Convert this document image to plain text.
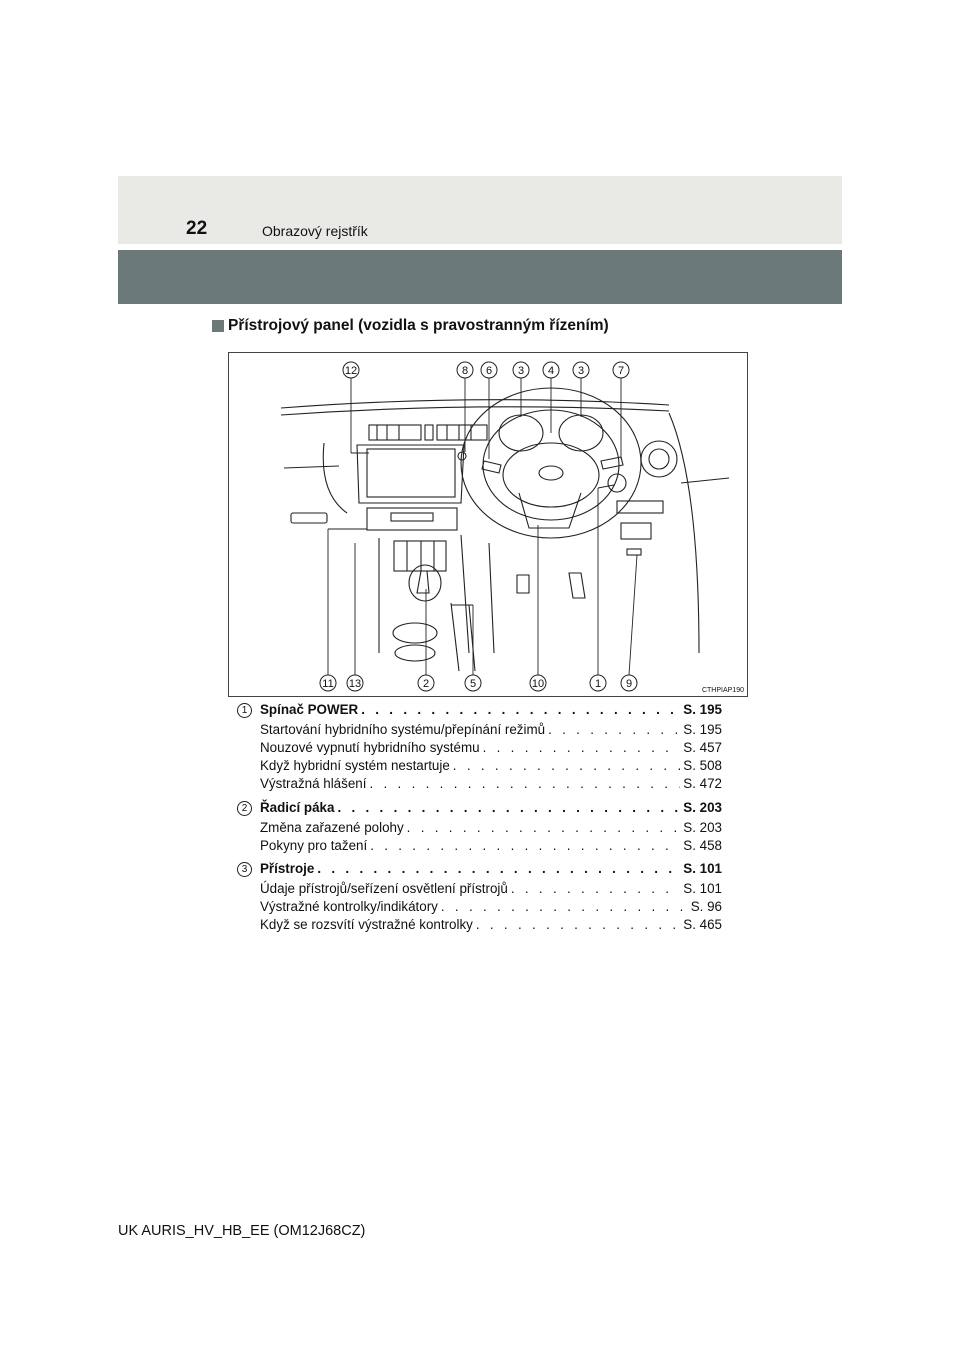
22	Obrazový rejstřík
Přístrojový panel (vozidla s pravostranným řízením)
12	8 6 3 4 3	7
11 13	2	5	10	1 9
CTHPIAP190
1 Spínač POWER . . .	S. 195
Startování hybridního systému/přepínání režimů . . .	S. 195
Nouzové vypnutí hybridního systému . . .	S. 457
Když hybridní systém nestartuje . . .	S. 508
Výstražná hlášení . . .	S. 472
2 Řadicí páka . . .	S. 203
Změna zařazené polohy . . .	S. 203
Pokyny pro tažení . . .	S. 458
3 Přístroje . . .	S. 101
Údaje přístrojů/seřízení osvětlení přístrojů . . .	S. 101
Výstražné kontrolky/indikátory . . .	S. 96
Když se rozsvítí výstražné kontrolky . . .	S. 465
UK AURIS_HV_HB_EE (OM12J68CZ)
